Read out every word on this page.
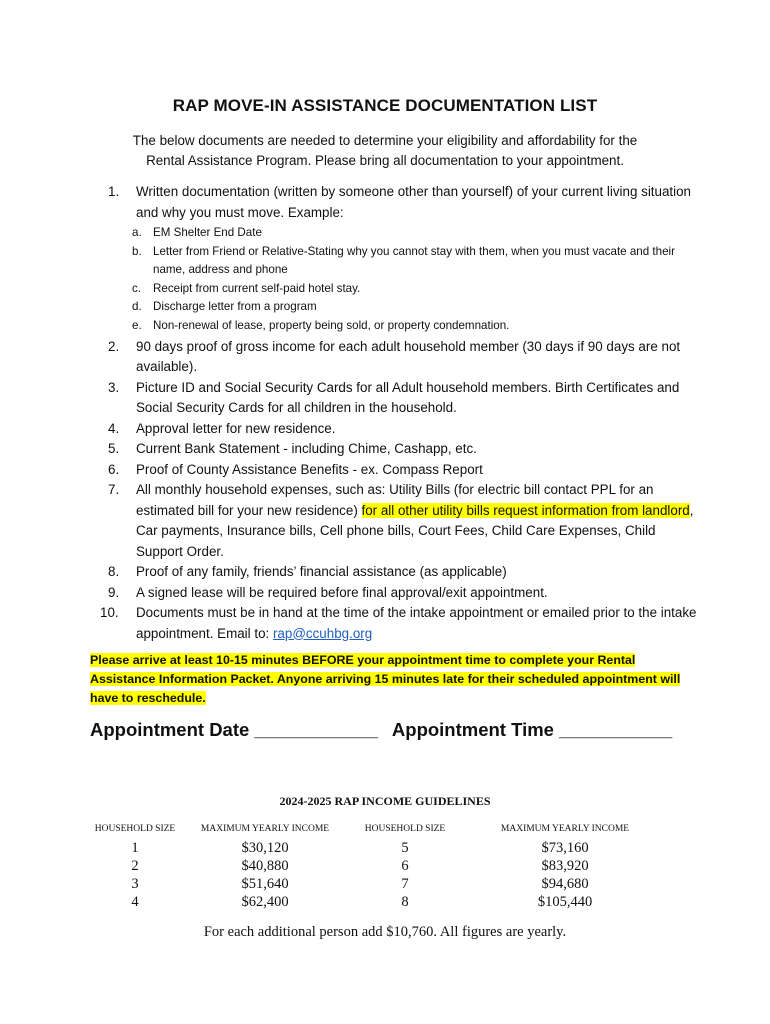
RAP MOVE-IN ASSISTANCE DOCUMENTATION LIST
The below documents are needed to determine your eligibility and affordability for the
Rental Assistance Program. Please bring all documentation to your appointment.
1.	Written documentation (written by someone other than yourself) of your current living situation and why you must move. Example:
a. EM Shelter End Date
b. Letter from Friend or Relative-Stating why you cannot stay with them, when you must vacate and their name, address and phone
c.	Receipt from current self-paid hotel stay.
d. Discharge letter from a program
e. Non-renewal of lease, property being sold, or property condemnation.
2.	90 days proof of gross income for each adult household member (30 days if 90 days are not available).
3.	Picture ID and Social Security Cards for all Adult household members. Birth Certificates and Social Security Cards for all children in the household.
4.	Approval letter for new residence.
5.	Current Bank Statement - including Chime, Cashapp, etc.
6.	Proof of County Assistance Benefits - ex. Compass Report
7.	All monthly household expenses, such as: Utility Bills (for electric bill contact PPL for an estimated bill for your new residence) for all other utility bills request information from landlord, Car payments, Insurance bills, Cell phone bills, Court Fees, Child Care Expenses, Child Support Order.
8.	Proof of any family, friends’ financial assistance (as applicable)
9.	A signed lease will be required before final approval/exit appointment.
10.	Documents must be in hand at the time of the intake appointment or emailed prior to the intake appointment. Email to: rap@ccuhbg.org
Please arrive at least 10-15 minutes BEFORE your appointment time to complete your Rental Assistance Information Packet. Anyone arriving 15 minutes late for their scheduled appointment will have to reschedule.
Appointment Date ____________ Appointment Time ___________
2024-2025 RAP INCOME GUIDELINES
HOUSEHOLD SIZE	MAXIMUM YEARLY INCOME	HOUSEHOLD SIZE	MAXIMUM YEARLY INCOME
1	$30,120	5	$73,160
2	$40,880	6	$83,920
3	$51,640	7	$94,680
4	$62,400	8	$105,440
For each additional person add $10,760. All figures are yearly.
